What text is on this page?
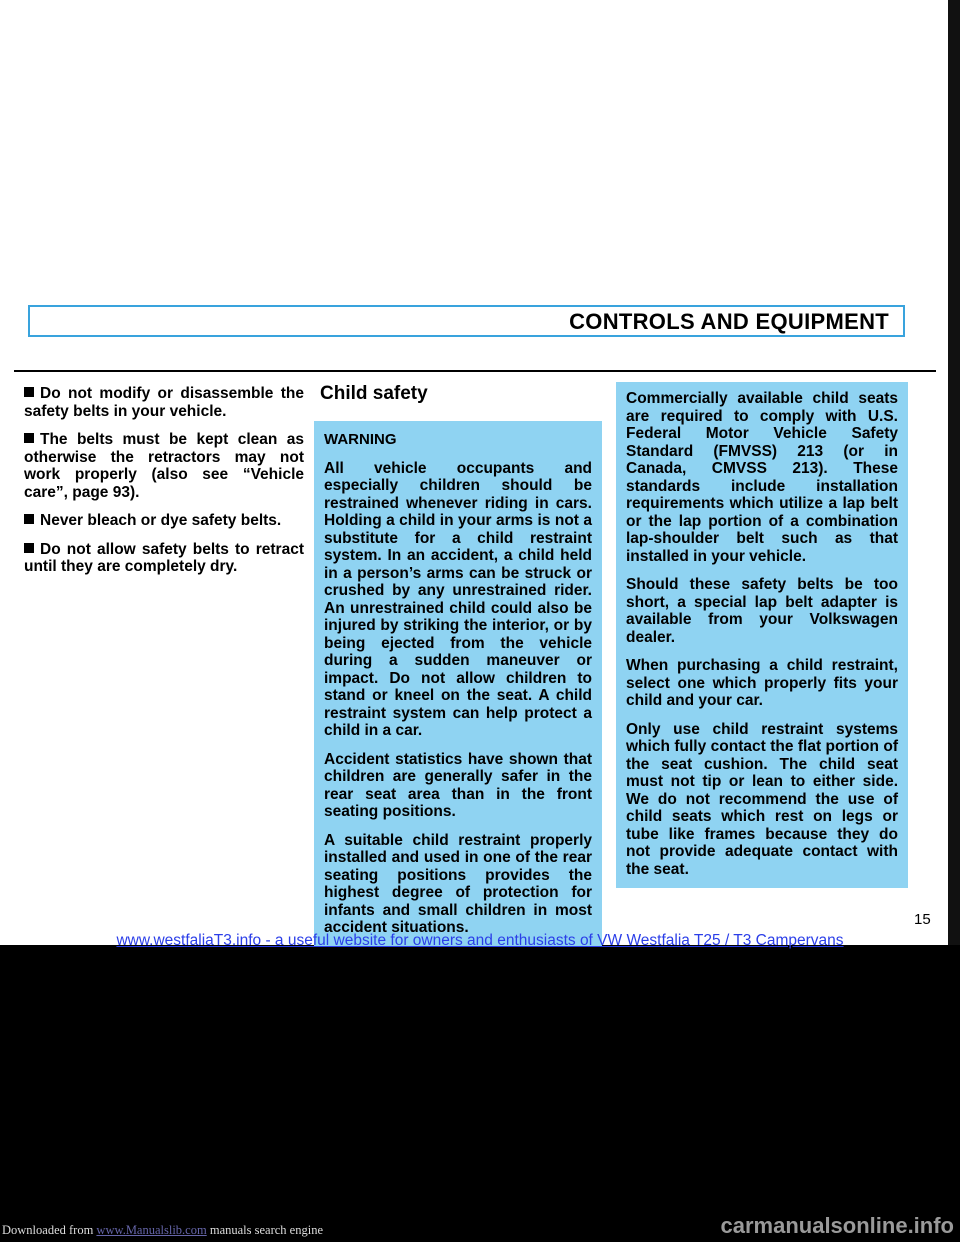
CONTROLS AND EQUIPMENT

Do not modify or disassemble the safety belts in your vehicle.

The belts must be kept clean as otherwise the retractors may not work properly (also see “Vehicle care”, page 93).

Never bleach or dye safety belts.

Do not allow safety belts to retract until they are completely dry.

Child safety

WARNING

All vehicle occupants and especially children should be restrained whenever riding in cars. Holding a child in your arms is not a substitute for a child restraint system. In an accident, a child held in a person’s arms can be struck or crushed by any unrestrained rider. An unrestrained child could also be injured by striking the interior, or by being ejected from the vehicle during a sudden maneuver or impact. Do not allow children to stand or kneel on the seat. A child restraint system can help protect a child in a car.

Accident statistics have shown that children are generally safer in the rear seat area than in the front seating positions.

A suitable child restraint properly installed and used in one of the rear seating positions provides the highest degree of protection for infants and small children in most accident situations.

Commercially available child seats are required to comply with U.S. Federal Motor Vehicle Safety Standard (FMVSS) 213 (or in Canada, CMVSS 213). These standards include installation requirements which utilize a lap belt or the lap portion of a combination lap-shoulder belt such as that installed in your vehicle.

Should these safety belts be too short, a special lap belt adapter is available from your Volkswagen dealer.

When purchasing a child restraint, select one which properly fits your child and your car.

Only use child restraint systems which fully contact the flat portion of the seat cushion. The child seat must not tip or lean to either side. We do not recommend the use of child seats which rest on legs or tube like frames because they do not provide adequate contact with the seat.

15
www.westfaliaT3.info - a useful website for owners and enthusiasts of VW Westfalia T25 / T3 Campervans
Downloaded from www.Manualslib.com manuals search engine	carmanualsonline.info
